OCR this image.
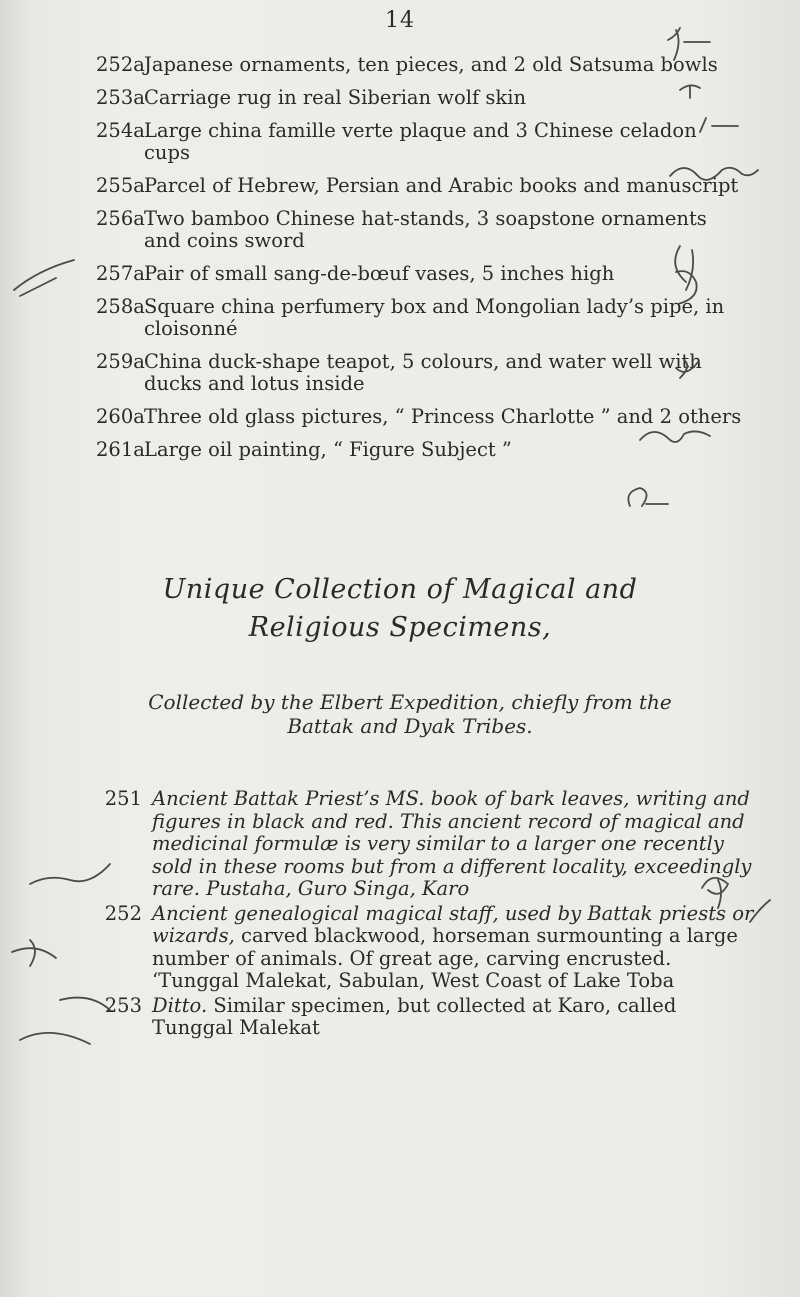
14
252a Japanese ornaments, ten pieces, and 2 old Satsuma bowls
253a Carriage rug in real Siberian wolf skin
254a Large china famille verte plaque and 3 Chinese celadon cups
255a Parcel of Hebrew, Persian and Arabic books and manuscript
256a Two bamboo Chinese hat-stands, 3 soapstone ornaments and coins sword
257a Pair of small sang-de-bœuf vases, 5 inches high
258a Square china perfumery box and Mongolian lady’s pipe, in cloisonné
259a China duck-shape teapot, 5 colours, and water well with ducks and lotus inside
260a Three old glass pictures, “ Princess Charlotte ” and 2 others
261a Large oil painting, “ Figure Subject ”
Unique Collection of Magical and
Religious Specimens,
Collected by the Elbert Expedition, chiefly from the
Battak and Dyak Tribes.
251 Ancient Battak Priest’s MS. book of bark leaves, writing and figures in black and red. This ancient record of magical and medicinal formulæ is very similar to a larger one recently sold in these rooms but from a different locality, exceedingly rare. Pustaha, Guro Singa, Karo
252 Ancient genealogical magical staff, used by Battak priests or wizards, carved blackwood, horseman surmounting a large number of animals. Of great age, carving encrusted. ‘Tunggal Malekat, Sabulan, West Coast of Lake Toba
253 Ditto. Similar specimen, but collected at Karo, called Tunggal Malekat
